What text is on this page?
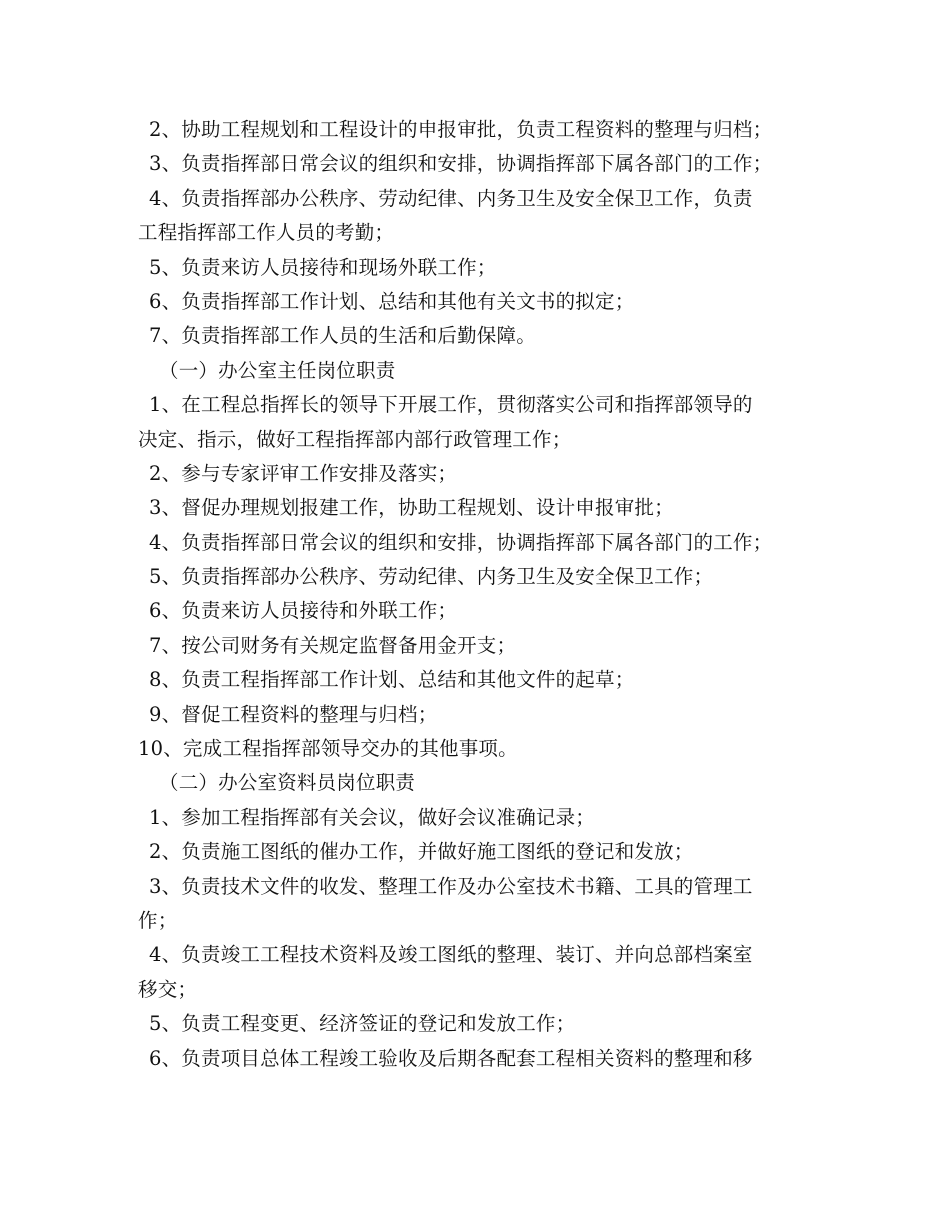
2、协助工程规划和工程设计的申报审批，负责工程资料的整理与归档；
3、负责指挥部日常会议的组织和安排，协调指挥部下属各部门的工作；
4、负责指挥部办公秩序、劳动纪律、内务卫生及安全保卫工作，负责
工程指挥部工作人员的考勤；
5、负责来访人员接待和现场外联工作；
6、负责指挥部工作计划、总结和其他有关文书的拟定；
7、负责指挥部工作人员的生活和后勤保障。
（一）办公室主任岗位职责
1、在工程总指挥长的领导下开展工作，贯彻落实公司和指挥部领导的
决定、指示，做好工程指挥部内部行政管理工作；
2、参与专家评审工作安排及落实；
3、督促办理规划报建工作，协助工程规划、设计申报审批；
4、负责指挥部日常会议的组织和安排，协调指挥部下属各部门的工作；
5、负责指挥部办公秩序、劳动纪律、内务卫生及安全保卫工作；
6、负责来访人员接待和外联工作；
7、按公司财务有关规定监督备用金开支；
8、负责工程指挥部工作计划、总结和其他文件的起草；
9、督促工程资料的整理与归档；
10、完成工程指挥部领导交办的其他事项。
（二）办公室资料员岗位职责
1、参加工程指挥部有关会议，做好会议准确记录；
2、负责施工图纸的催办工作，并做好施工图纸的登记和发放；
3、负责技术文件的收发、整理工作及办公室技术书籍、工具的管理工
作；
4、负责竣工工程技术资料及竣工图纸的整理、装订、并向总部档案室
移交；
5、负责工程变更、经济签证的登记和发放工作；
6、负责项目总体工程竣工验收及后期各配套工程相关资料的整理和移
